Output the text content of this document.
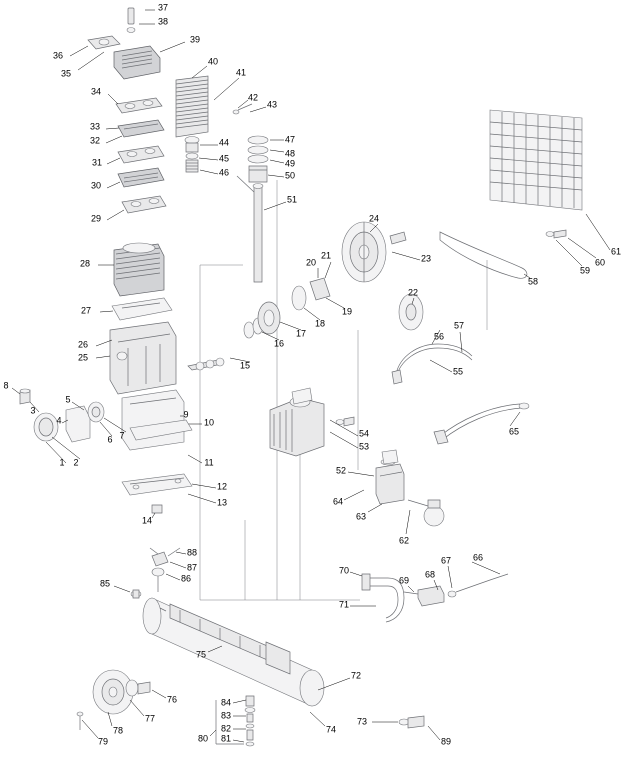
1 2
3
4
5
6 7
8
9
10
11
12
13
14
15
16
17
18
19
20
21
22
23
24
25
26
27
28
29
30
31
32
33
34
35
36
37
38
39
40
41
42
43
44
45
46
47
48
49
50
51
52
53
54
55
56
57
58
59
60
61
62
63
64
65
66
67
68
69
70
71
72
73
74
75
76
77
78
79	80 81
82
83
84
85	86
87
88
89
